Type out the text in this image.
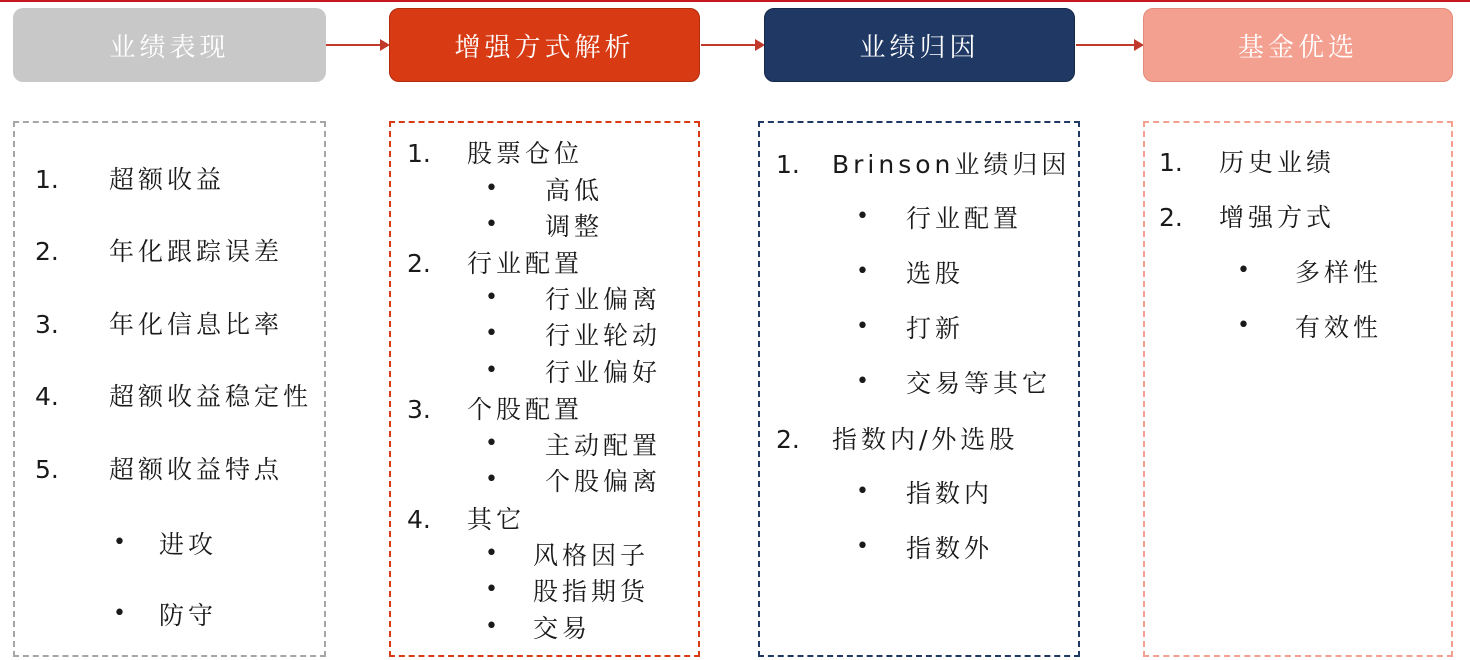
业绩表现	增强方式解析	业绩归因	基金优选
1. 超额收益
2. 年化跟踪误差
3. 年化信息比率
4. 超额收益稳定性
5. 超额收益特点
• 进攻
• 防守
1. 股票仓位
• 高低
• 调整
2. 行业配置
• 行业偏离
• 行业轮动
• 行业偏好
3. 个股配置
• 主动配置
• 个股偏离
4. 其它
• 风格因子
• 股指期货
• 交易
1. Brinson业绩归因
• 行业配置
• 选股
• 打新
• 交易等其它
2. 指数内/外选股
• 指数内
• 指数外
1. 历史业绩
2. 增强方式
• 多样性
• 有效性
